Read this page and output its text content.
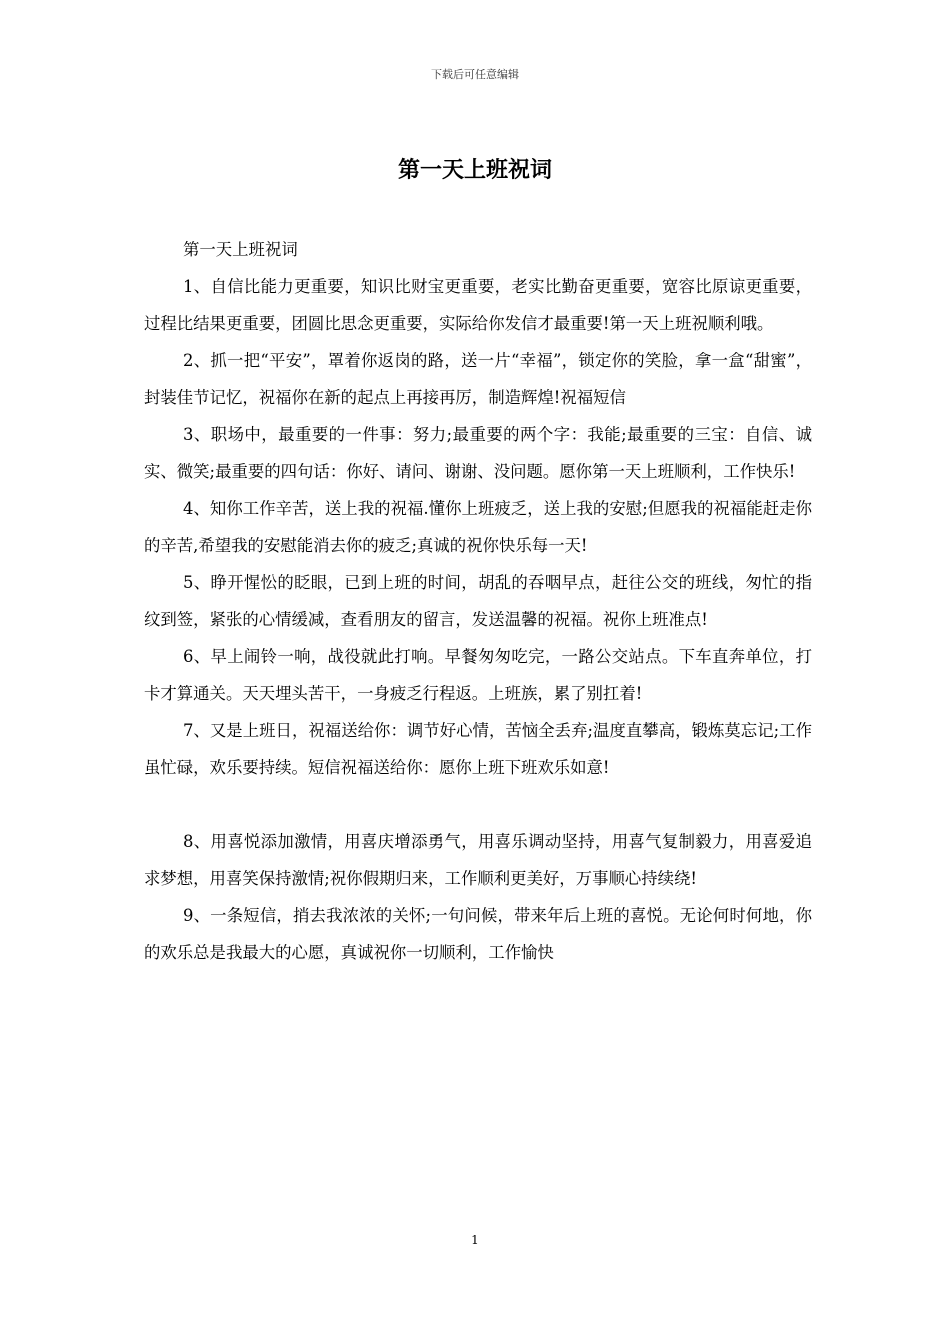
下载后可任意编辑
第一天上班祝词

第一天上班祝词

1、自信比能力更重要，知识比财宝更重要，老实比勤奋更重要，宽容比原谅更重要，过程比结果更重要，团圆比思念更重要，实际给你发信才最重要!第一天上班祝顺利哦。

2、抓一把“平安”，罩着你返岗的路，送一片“幸福”，锁定你的笑脸，拿一盒“甜蜜”，封装佳节记忆，祝福你在新的起点上再接再厉，制造辉煌!祝福短信

3、职场中，最重要的一件事：努力;最重要的两个字：我能;最重要的三宝：自信、诚实、微笑;最重要的四句话：你好、请问、谢谢、没问题。愿你第一天上班顺利，工作快乐!

4、知你工作辛苦，送上我的祝福.懂你上班疲乏，送上我的安慰;但愿我的祝福能赶走你的辛苦,希望我的安慰能消去你的疲乏;真诚的祝你快乐每一天!

5、睁开惺忪的眨眼，已到上班的时间，胡乱的吞咽早点，赶往公交的班线，匆忙的指纹到签，紧张的心情缓减，查看朋友的留言，发送温馨的祝福。祝你上班准点!

6、早上闹铃一响，战役就此打响。早餐匆匆吃完，一路公交站点。下车直奔单位，打卡才算通关。天天埋头苦干，一身疲乏行程返。上班族，累了别扛着!

7、又是上班日，祝福送给你：调节好心情，苦恼全丢弃;温度直攀高，锻炼莫忘记;工作虽忙碌，欢乐要持续。短信祝福送给你：愿你上班下班欢乐如意!

8、用喜悦添加激情，用喜庆增添勇气，用喜乐调动坚持，用喜气复制毅力，用喜爱追求梦想，用喜笑保持激情;祝你假期归来，工作顺利更美好，万事顺心持续绕!

9、一条短信，捎去我浓浓的关怀;一句问候，带来年后上班的喜悦。无论何时何地，你的欢乐总是我最大的心愿，真诚祝你一切顺利，工作愉快

1
